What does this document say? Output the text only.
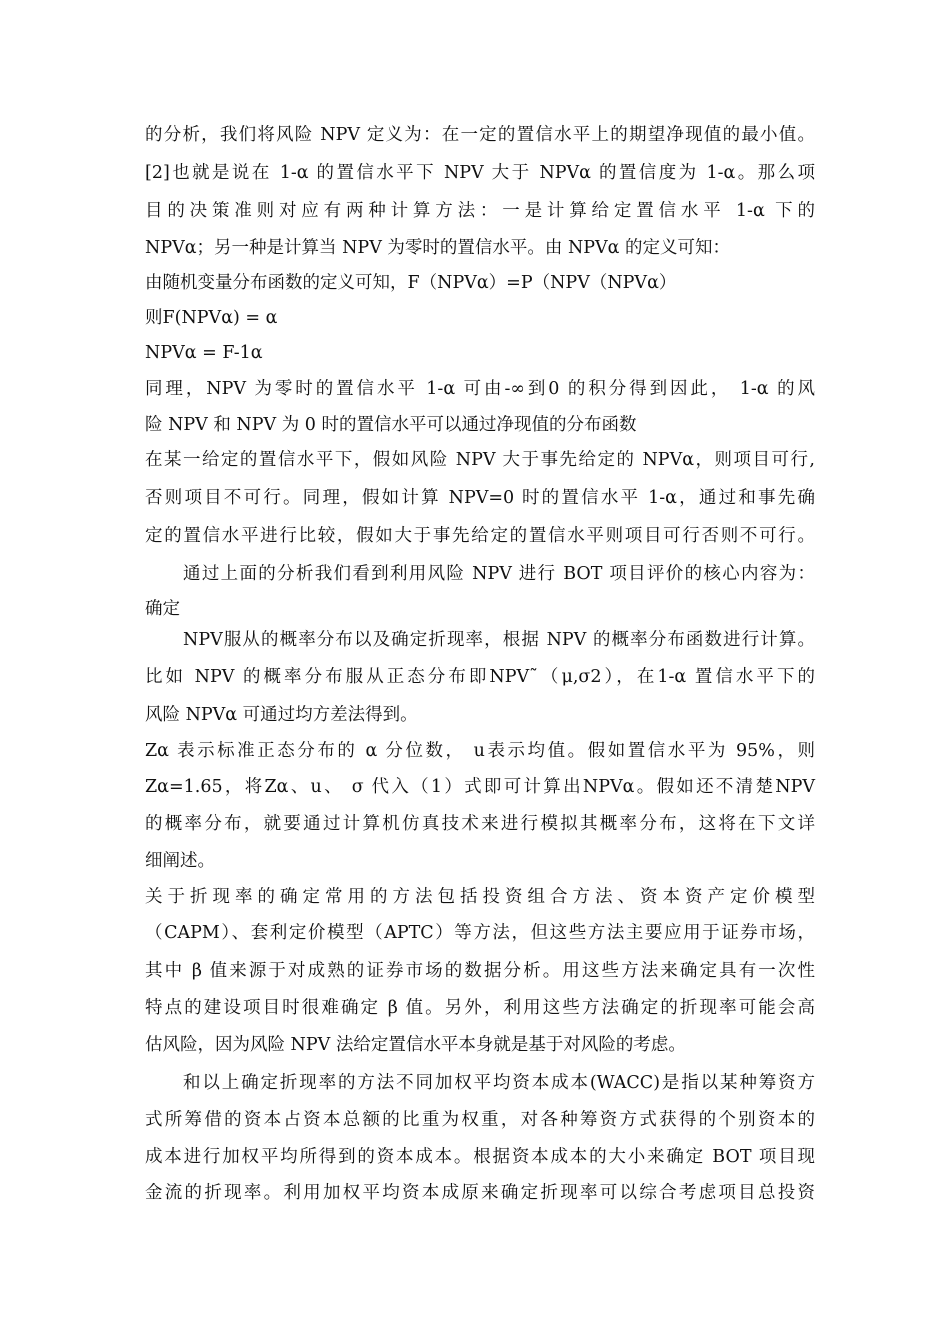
的分析，我们将风险 NPV 定义为：在一定的置信水平上的期望净现值的最小值。
[2]也就是说在 1-α 的置信水平下 NPV 大于 NPVα 的置信度为 1-α。那么项
目的决策准则对应有两种计算方法：一是计算给定置信水平 1-α 下的
NPVα；另一种是计算当 NPV 为零时的置信水平。由 NPVα 的定义可知：
由随机变量分布函数的定义可知，F（NPVα）=P（NPV（NPVα）
则F(NPVα) = α
NPVα = F-1α
同理，NPV 为零时的置信水平 1-α 可由-∞到0 的积分得到因此， 1-α 的风
险 NPV 和 NPV 为 0 时的置信水平可以通过净现值的分布函数
在某一给定的置信水平下，假如风险 NPV 大于事先给定的 NPVα，则项目可行,
否则项目不可行。同理，假如计算 NPV=0 时的置信水平 1-α，通过和事先确
定的置信水平进行比较，假如大于事先给定的置信水平则项目可行否则不可行。
通过上面的分析我们看到利用风险 NPV 进行 BOT 项目评价的核心内容为：
确定
NPV服从的概率分布以及确定折现率，根据 NPV 的概率分布函数进行计算。
比如 NPV 的概率分布服从正态分布即NPV˜（μ,σ2），在1-α 置信水平下的
风险 NPVα 可通过均方差法得到。
Zα 表示标准正态分布的 α 分位数， u表示均值。假如置信水平为 95%，则
Zα=1.65，将Zα、u、 σ 代入（1）式即可计算出NPVα。假如还不清楚NPV
的概率分布，就要通过计算机仿真技术来进行模拟其概率分布，这将在下文详
细阐述。
关于折现率的确定常用的方法包括投资组合方法、资本资产定价模型
（CAPM）、套利定价模型（APTC）等方法，但这些方法主要应用于证券市场，
其中 β 值来源于对成熟的证券市场的数据分析。用这些方法来确定具有一次性
特点的建设项目时很难确定 β 值。另外，利用这些方法确定的折现率可能会高
估风险，因为风险 NPV 法给定置信水平本身就是基于对风险的考虑。
和以上确定折现率的方法不同加权平均资本成本(WACC)是指以某种筹资方
式所筹借的资本占资本总额的比重为权重，对各种筹资方式获得的个别资本的
成本进行加权平均所得到的资本成本。根据资本成本的大小来确定 BOT 项目现
金流的折现率。利用加权平均资本成原来确定折现率可以综合考虑项目总投资
